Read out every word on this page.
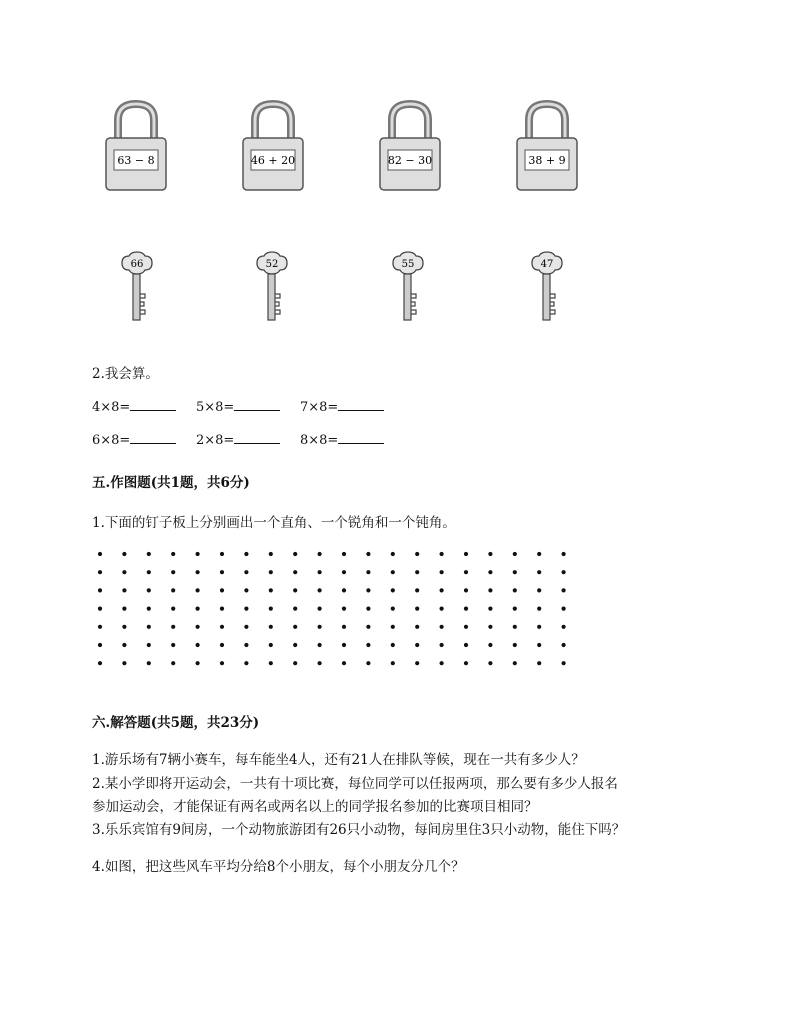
63 − 8	46 + 20	82 − 30	38 + 9
66	52	55	47
2.我会算。
4×8=	5×8=	7×8=
6×8=	2×8=	8×8=
五.作图题(共1题，共6分)
1.下面的钉子板上分别画出一个直角、一个锐角和一个钝角。
六.解答题(共5题，共23分)
1.游乐场有7辆小赛车，每车能坐4人，还有21人在排队等候，现在一共有多少人？
2.某小学即将开运动会，一共有十项比赛，每位同学可以任报两项，那么要有多少人报名
参加运动会，才能保证有两名或两名以上的同学报名参加的比赛项目相同？
3.乐乐宾馆有9间房，一个动物旅游团有26只小动物，每间房里住3只小动物，能住下吗？
4.如图，把这些风车平均分给8个小朋友，每个小朋友分几个？
